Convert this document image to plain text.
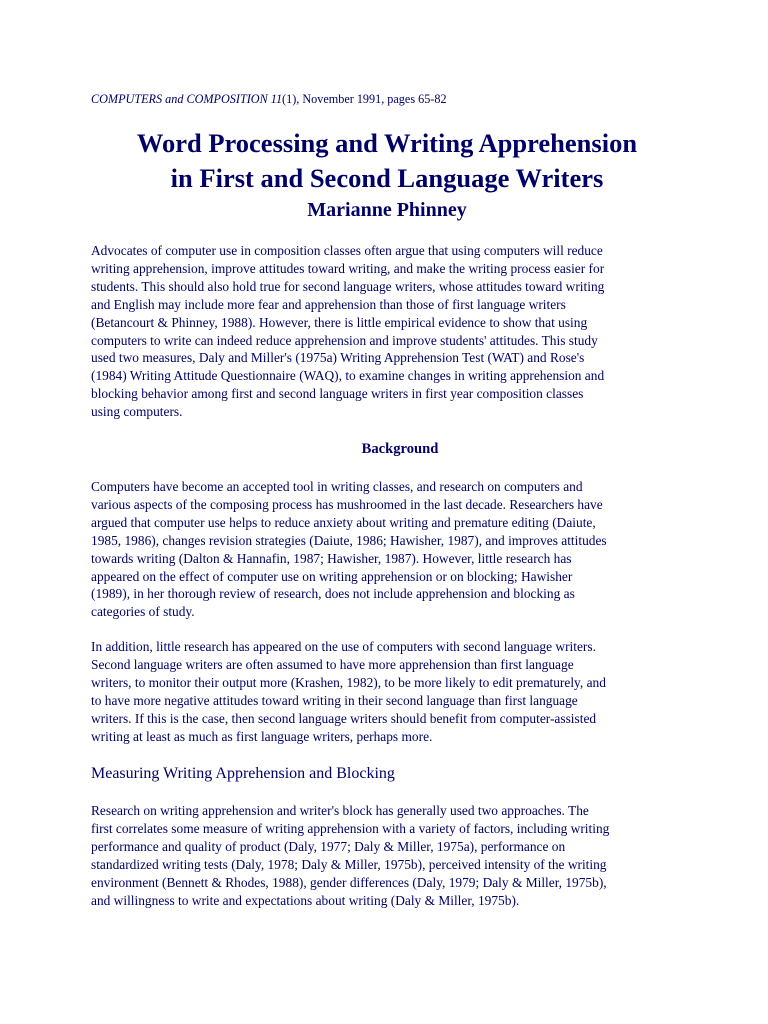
COMPUTERS and COMPOSITION 11(1), November 1991, pages 65-82
Word Processing and Writing Apprehension
in First and Second Language Writers
Marianne Phinney

Advocates of computer use in composition classes often argue that using computers will reduce
writing apprehension, improve attitudes toward writing, and make the writing process easier for
students. This should also hold true for second language writers, whose attitudes toward writing
and English may include more fear and apprehension than those of first language writers
(Betancourt & Phinney, 1988). However, there is little empirical evidence to show that using
computers to write can indeed reduce apprehension and improve students' attitudes. This study
used two measures, Daly and Miller's (1975a) Writing Apprehension Test (WAT) and Rose's
(1984) Writing Attitude Questionnaire (WAQ), to examine changes in writing apprehension and
blocking behavior among first and second language writers in first year composition classes
using computers.

Background

Computers have become an accepted tool in writing classes, and research on computers and
various aspects of the composing process has mushroomed in the last decade. Researchers have
argued that computer use helps to reduce anxiety about writing and premature editing (Daiute,
1985, 1986), changes revision strategies (Daiute, 1986; Hawisher, 1987), and improves attitudes
towards writing (Dalton & Hannafin, 1987; Hawisher, 1987). However, little research has
appeared on the effect of computer use on writing apprehension or on blocking; Hawisher
(1989), in her thorough review of research, does not include apprehension and blocking as
categories of study.

In addition, little research has appeared on the use of computers with second language writers.
Second language writers are often assumed to have more apprehension than first language
writers, to monitor their output more (Krashen, 1982), to be more likely to edit prematurely, and
to have more negative attitudes toward writing in their second language than first language
writers. If this is the case, then second language writers should benefit from computer-assisted
writing at least as much as first language writers, perhaps more.

Measuring Writing Apprehension and Blocking

Research on writing apprehension and writer's block has generally used two approaches. The
first correlates some measure of writing apprehension with a variety of factors, including writing
performance and quality of product (Daly, 1977; Daly & Miller, 1975a), performance on
standardized writing tests (Daly, 1978; Daly & Miller, 1975b), perceived intensity of the writing
environment (Bennett & Rhodes, 1988), gender differences (Daly, 1979; Daly & Miller, 1975b),
and willingness to write and expectations about writing (Daly & Miller, 1975b).
